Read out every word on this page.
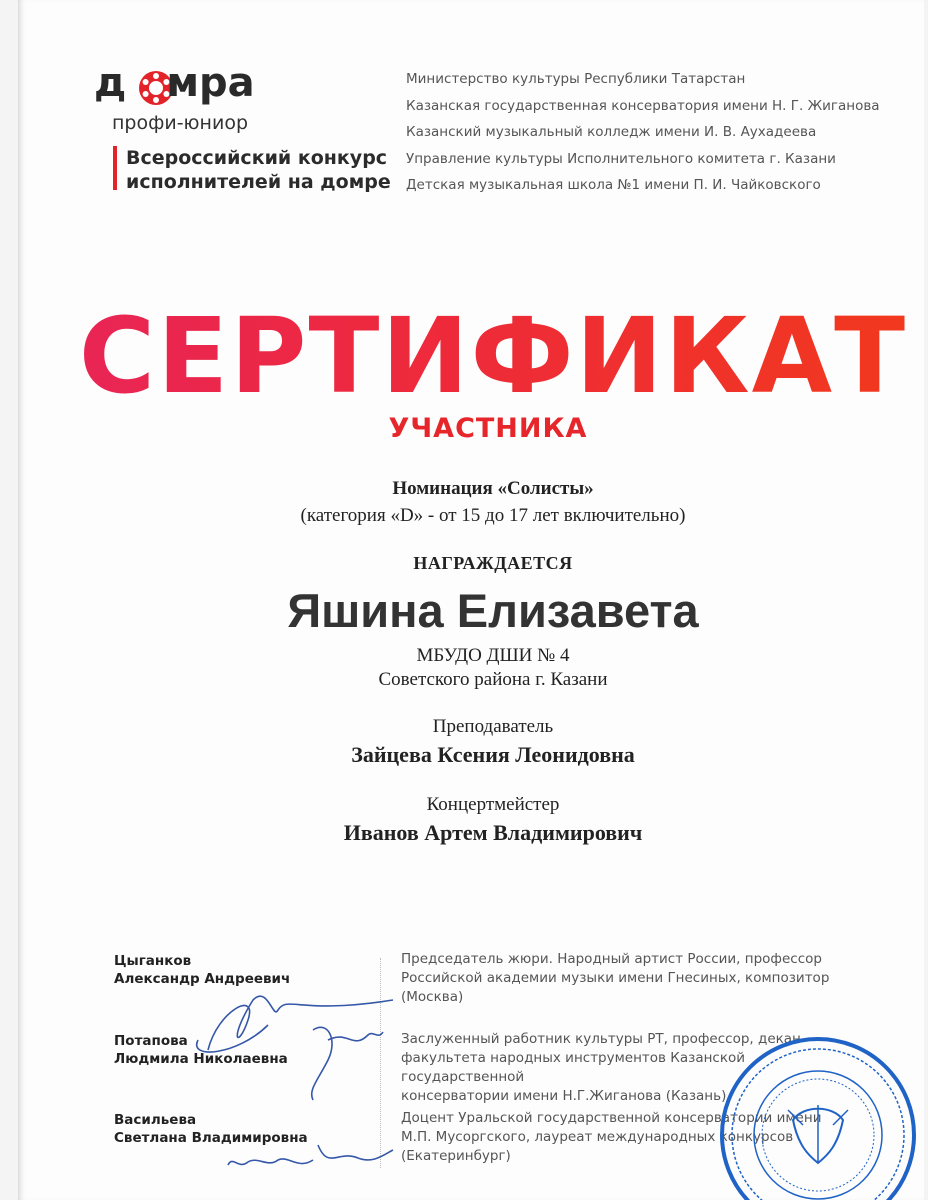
д мра
профи-юниор
Всероссийский конкурс
исполнителей на домре
Министерство культуры Республики Татарстан
Казанская государственная консерватория имени Н. Г. Жиганова
Казанский музыкальный колледж имени И. В. Аухадеева
Управление культуры Исполнительного комитета г. Казани
Детская музыкальная школа №1 имени П. И. Чайковского
СЕРТИФИКАТ
УЧАСТНИКА
Номинация «Солисты»
(категория «D» - от 15 до 17 лет включительно)
НАГРАЖДАЕТСЯ
Яшина Елизавета
МБУДО ДШИ № 4
Советского района г. Казани
Преподаватель
Зайцева Ксения Леонидовна
Концертмейстер
Иванов Артем Владимирович
Цыганков
Александр Андреевич
Председатель жюри. Народный артист России, профессор
Российской академии музыки имени Гнесиных, композитор
(Москва)
Потапова
Людмила Николаевна
Заслуженный работник культуры РТ, профессор, декан
факультета народных инструментов Казанской государственной
консерватории имени Н.Г.Жиганова (Казань)
Васильева
Светлана Владимировна
Доцент Уральской государственной консерватории имени
М.П. Мусоргского, лауреат международных конкурсов
(Екатеринбург)
